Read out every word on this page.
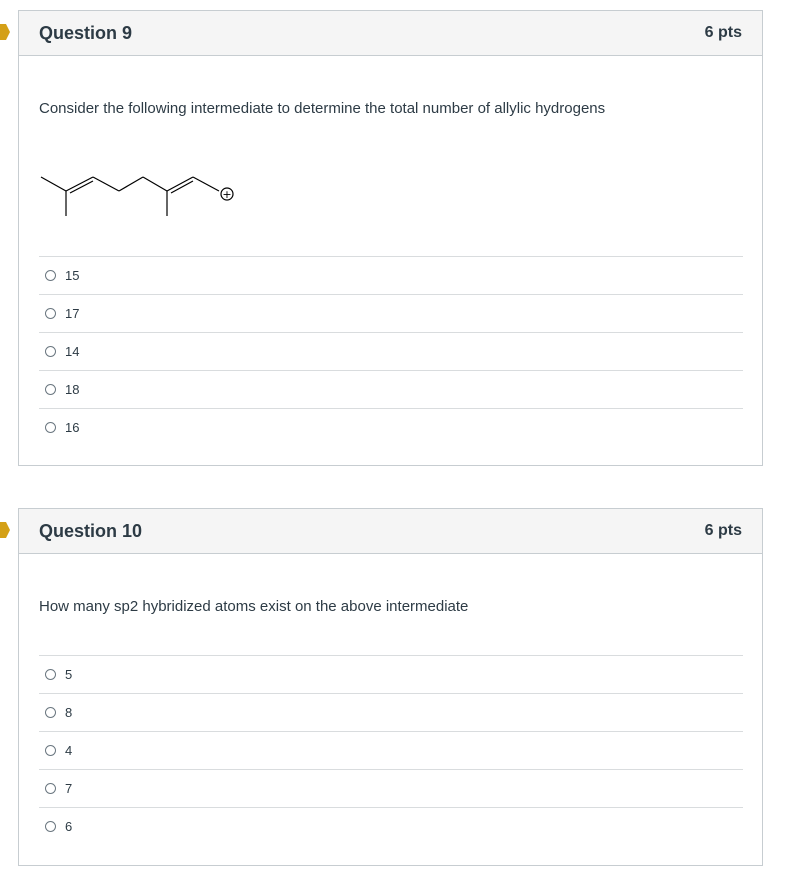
Question 9	6 pts
Consider the following intermediate to determine the total number of allylic hydrogens
+
15
17
14
18
16
Question 10	6 pts
How many sp2 hybridized atoms exist on the above intermediate
5
8
4
7
6
